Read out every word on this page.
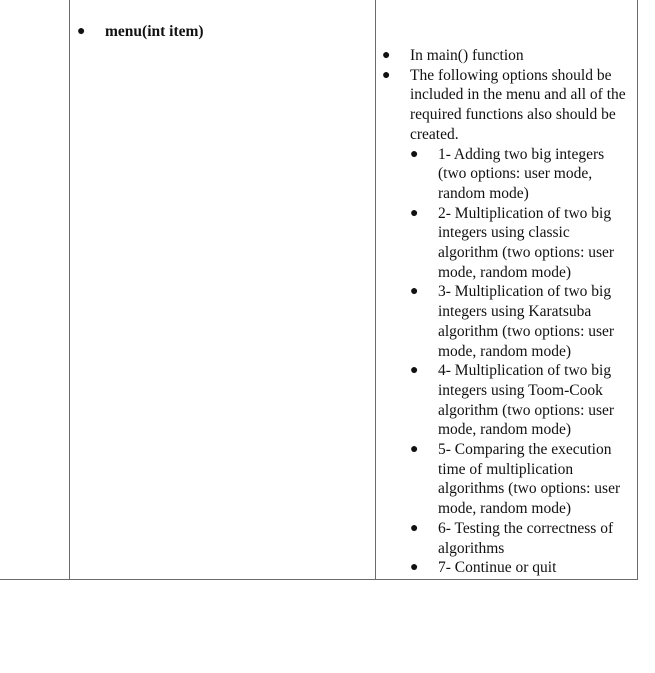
● menu(int item)
● In main() function
● The following options should be included in the menu and all of the required functions also should be created.
● 1- Adding two big integers (two options: user mode, random mode)
● 2- Multiplication of two big integers using classic algorithm (two options: user mode, random mode)
● 3- Multiplication of two big integers using Karatsuba algorithm (two options: user mode, random mode)
● 4- Multiplication of two big integers using Toom-Cook algorithm (two options: user mode, random mode)
● 5- Comparing the execution time of multiplication algorithms (two options: user mode, random mode)
● 6- Testing the correctness of algorithms
● 7- Continue or quit
